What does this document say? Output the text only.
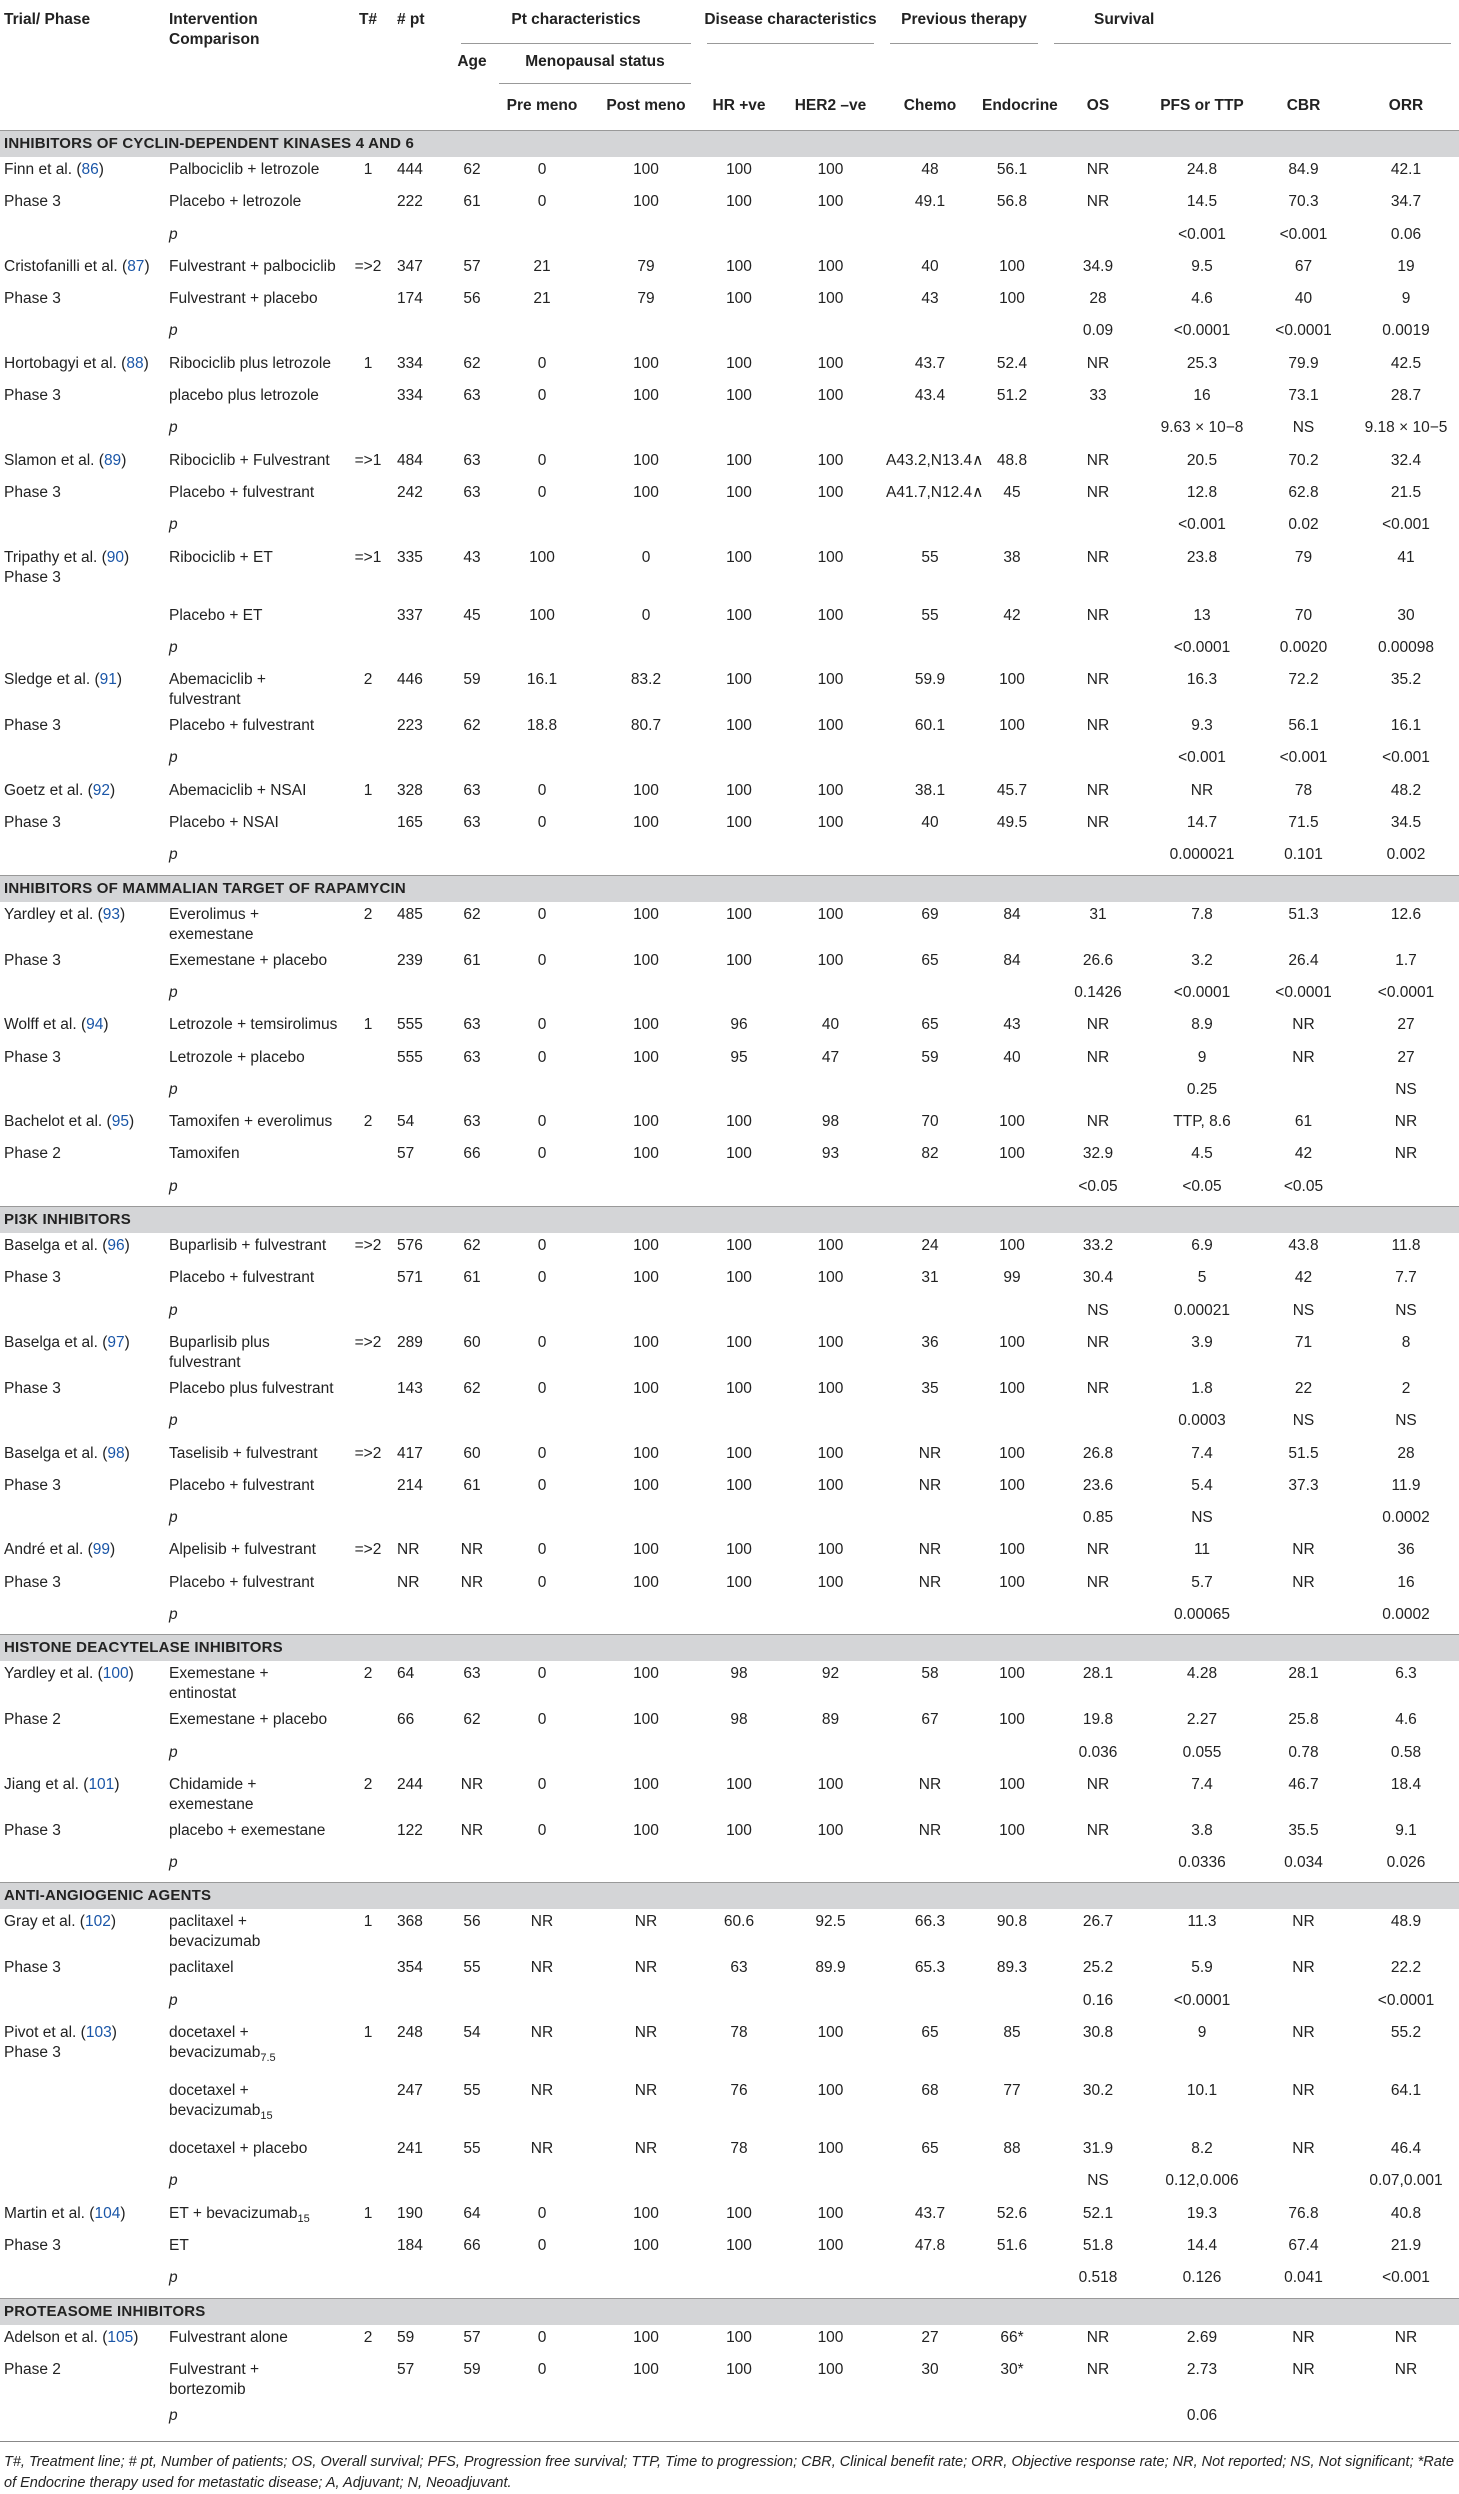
Trial/ Phase	Intervention Comparison	T#	# pt	Pt characteristics			Disease characteristics		Previous therapy		Survival			
				Age	Menopausal status									
					Pre meno	Post meno	HR +ve	HER2 –ve	Chemo	Endocrine	OS	PFS or TTP	CBR	ORR
INHIBITORS OF CYCLIN-DEPENDENT KINASES 4 AND 6														
Finn et al. (86)	Palbociclib + letrozole	1	444	62	0	100	100	100	48	56.1	NR	24.8	84.9	42.1
Phase 3	Placebo + letrozole		222	61	0	100	100	100	49.1	56.8	NR	14.5	70.3	34.7
	p											<0.001	<0.001	0.06
Cristofanilli et al. (87)	Fulvestrant + palbociclib	=>2	347	57	21	79	100	100	40	100	34.9	9.5	67	19
Phase 3	Fulvestrant + placebo		174	56	21	79	100	100	43	100	28	4.6	40	9
	p										0.09	<0.0001	<0.0001	0.0019
Hortobagyi et al. (88)	Ribociclib plus letrozole	1	334	62	0	100	100	100	43.7	52.4	NR	25.3	79.9	42.5
Phase 3	placebo plus letrozole		334	63	0	100	100	100	43.4	51.2	33	16	73.1	28.7
	p											9.63 × 10−8	NS	9.18 × 10−5
Slamon et al. (89)	Ribociclib + Fulvestrant	=>1	484	63	0	100	100	100	A43.2,N13.4∧	48.8	NR	20.5	70.2	32.4
Phase 3	Placebo + fulvestrant		242	63	0	100	100	100	A41.7,N12.4∧	45	NR	12.8	62.8	21.5
	p											<0.001	0.02	<0.001
Tripathy et al. (90) Phase 3	Ribociclib + ET	=>1	335	43	100	0	100	100	55	38	NR	23.8	79	41
	Placebo + ET		337	45	100	0	100	100	55	42	NR	13	70	30
	p											<0.0001	0.0020	0.00098
Sledge et al. (91)	Abemaciclib + fulvestrant	2	446	59	16.1	83.2	100	100	59.9	100	NR	16.3	72.2	35.2
Phase 3	Placebo + fulvestrant		223	62	18.8	80.7	100	100	60.1	100	NR	9.3	56.1	16.1
	p											<0.001	<0.001	<0.001
Goetz et al. (92)	Abemaciclib + NSAI	1	328	63	0	100	100	100	38.1	45.7	NR	NR	78	48.2
Phase 3	Placebo + NSAI		165	63	0	100	100	100	40	49.5	NR	14.7	71.5	34.5
	p											0.000021	0.101	0.002
INHIBITORS OF MAMMALIAN TARGET OF RAPAMYCIN														
Yardley et al. (93)	Everolimus + exemestane	2	485	62	0	100	100	100	69	84	31	7.8	51.3	12.6
Phase 3	Exemestane + placebo		239	61	0	100	100	100	65	84	26.6	3.2	26.4	1.7
	p										0.1426	<0.0001	<0.0001	<0.0001
Wolff et al. (94)	Letrozole + temsirolimus	1	555	63	0	100	96	40	65	43	NR	8.9	NR	27
Phase 3	Letrozole + placebo		555	63	0	100	95	47	59	40	NR	9	NR	27
	p											0.25		NS
Bachelot et al. (95)	Tamoxifen + everolimus	2	54	63	0	100	100	98	70	100	NR	TTP, 8.6	61	NR
Phase 2	Tamoxifen		57	66	0	100	100	93	82	100	32.9	4.5	42	NR
	p										<0.05	<0.05	<0.05	
PI3K INHIBITORS														
Baselga et al. (96)	Buparlisib + fulvestrant	=>2	576	62	0	100	100	100	24	100	33.2	6.9	43.8	11.8
Phase 3	Placebo + fulvestrant		571	61	0	100	100	100	31	99	30.4	5	42	7.7
	p										NS	0.00021	NS	NS
Baselga et al. (97)	Buparlisib plus fulvestrant	=>2	289	60	0	100	100	100	36	100	NR	3.9	71	8
Phase 3	Placebo plus fulvestrant		143	62	0	100	100	100	35	100	NR	1.8	22	2
	p											0.0003	NS	NS
Baselga et al. (98)	Taselisib + fulvestrant	=>2	417	60	0	100	100	100	NR	100	26.8	7.4	51.5	28
Phase 3	Placebo + fulvestrant		214	61	0	100	100	100	NR	100	23.6	5.4	37.3	11.9
	p										0.85	NS		0.0002
André et al. (99)	Alpelisib + fulvestrant	=>2	NR	NR	0	100	100	100	NR	100	NR	11	NR	36
Phase 3	Placebo + fulvestrant		NR	NR	0	100	100	100	NR	100	NR	5.7	NR	16
	p											0.00065		0.0002
HISTONE DEACYTELASE INHIBITORS														
Yardley et al. (100)	Exemestane + entinostat	2	64	63	0	100	98	92	58	100	28.1	4.28	28.1	6.3
Phase 2	Exemestane + placebo		66	62	0	100	98	89	67	100	19.8	2.27	25.8	4.6
	p										0.036	0.055	0.78	0.58
Jiang et al. (101)	Chidamide + exemestane	2	244	NR	0	100	100	100	NR	100	NR	7.4	46.7	18.4
Phase 3	placebo + exemestane		122	NR	0	100	100	100	NR	100	NR	3.8	35.5	9.1
	p											0.0336	0.034	0.026
ANTI-ANGIOGENIC AGENTS														
Gray et al. (102)	paclitaxel + bevacizumab	1	368	56	NR	NR	60.6	92.5	66.3	90.8	26.7	11.3	NR	48.9
Phase 3	paclitaxel		354	55	NR	NR	63	89.9	65.3	89.3	25.2	5.9	NR	22.2
	p										0.16	<0.0001		<0.0001
Pivot et al. (103) Phase 3	docetaxel + bevacizumab$_{7.5}$	1	248	54	NR	NR	78	100	65	85	30.8	9	NR	55.2
	docetaxel + bevacizumab$_{15}$		247	55	NR	NR	76	100	68	77	30.2	10.1	NR	64.1
	docetaxel + placebo		241	55	NR	NR	78	100	65	88	31.9	8.2	NR	46.4
	p										NS	0.12,0.006		0.07,0.001
Martin et al. (104)	ET + bevacizumab$_{15}$	1	190	64	0	100	100	100	43.7	52.6	52.1	19.3	76.8	40.8
Phase 3	ET		184	66	0	100	100	100	47.8	51.6	51.8	14.4	67.4	21.9
	p										0.518	0.126	0.041	<0.001
PROTEASOME INHIBITORS														
Adelson et al. (105)	Fulvestrant alone	2	59	57	0	100	100	100	27	66*	NR	2.69	NR	NR
Phase 2	Fulvestrant + bortezomib		57	59	0	100	100	100	30	30*	NR	2.73	NR	NR
	p											0.06		
T#, Treatment line; # pt, Number of patients; OS, Overall survival; PFS, Progression free survival; TTP, Time to progression; CBR, Clinical benefit rate; ORR, Objective response rate; NR, Not reported; NS, Not significant; *Rate of Endocrine therapy used for metastatic disease; A, Adjuvant; N, Neoadjuvant.
